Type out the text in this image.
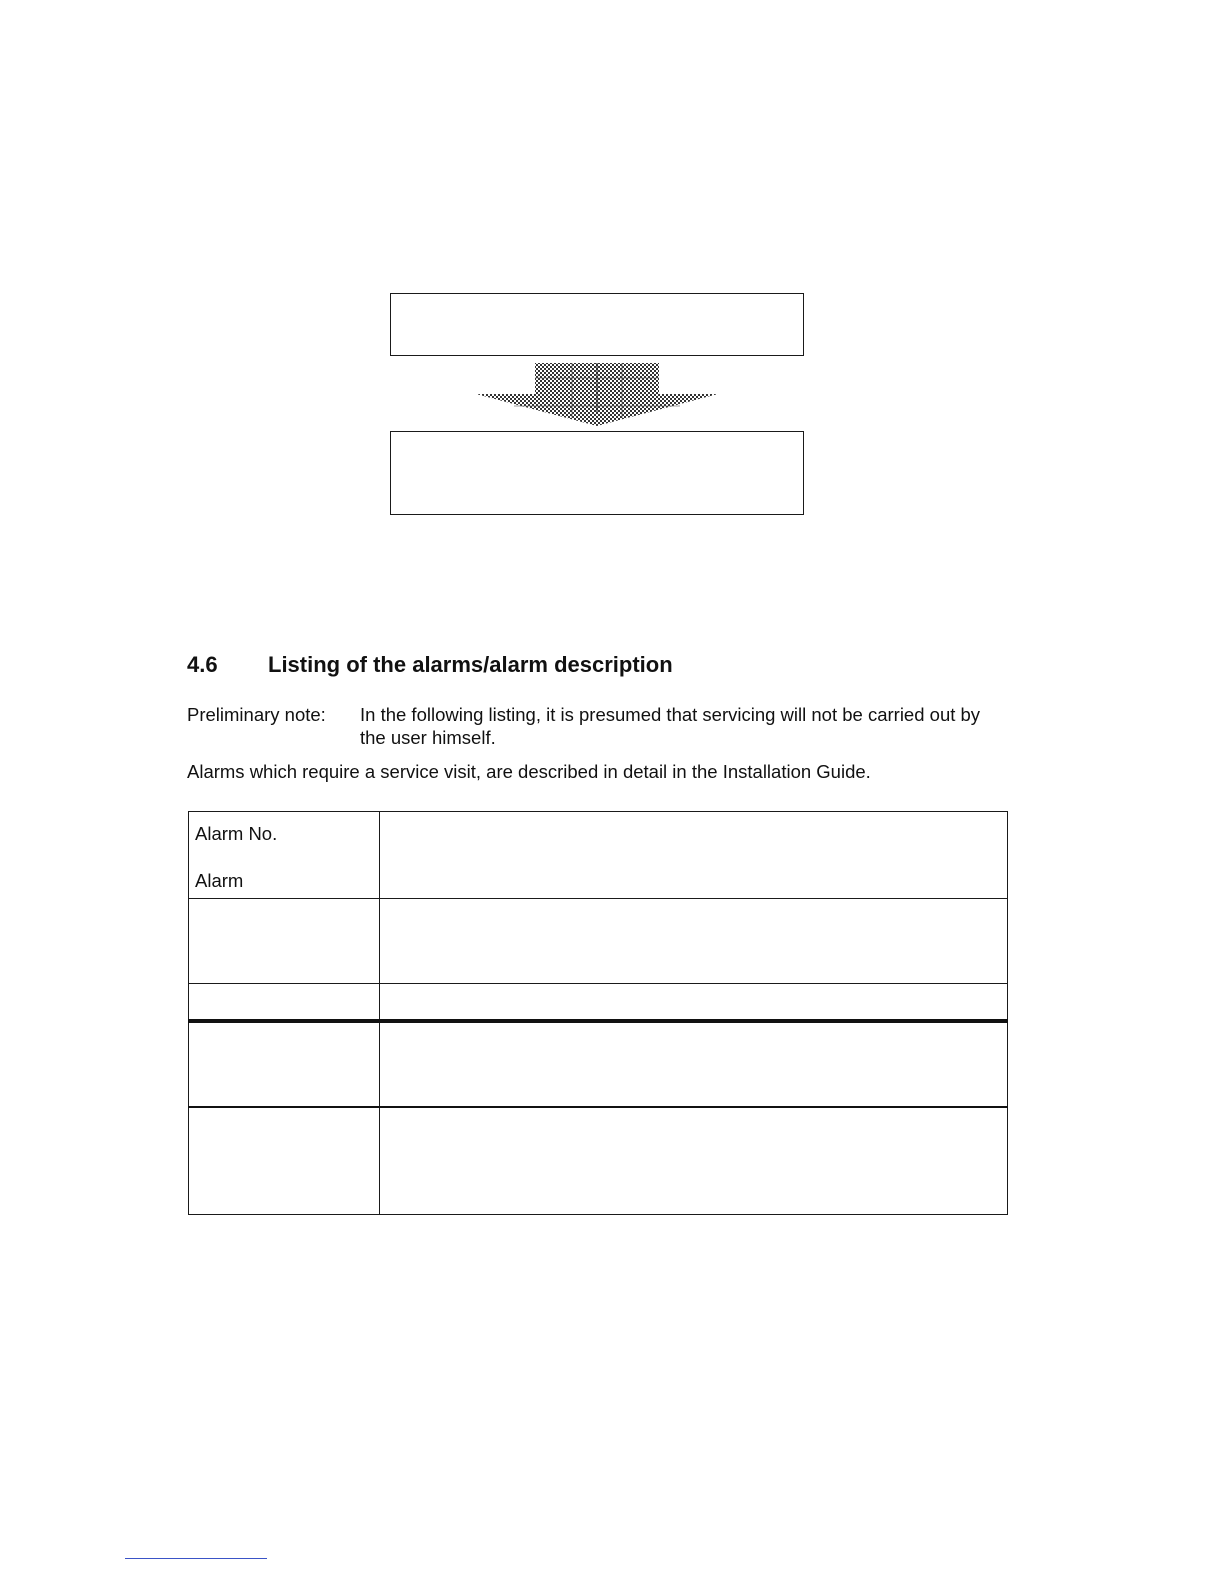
4.6 Listing of the alarms/alarm description

Preliminary note: In the following listing, it is presumed that servicing will not be carried out by the user himself.

Alarms which require a service visit, are described in detail in the Installation Guide.

Alarm No.
Alarm	
